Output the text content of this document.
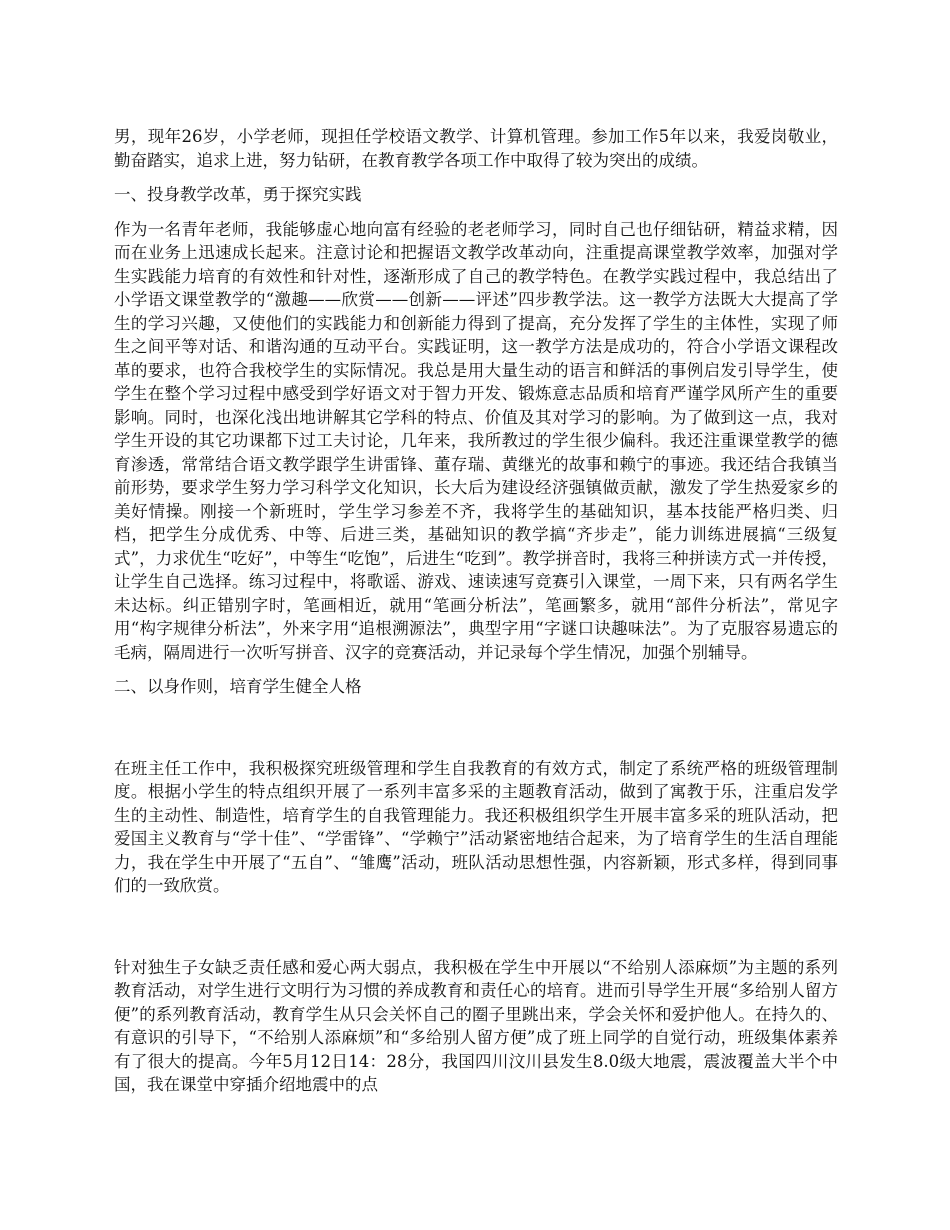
男，现年26岁，小学老师，现担任学校语文教学、计算机管理。参加工作5年以来，我爱岗敬业，勤奋踏实，追求上进，努力钻研，在教育教学各项工作中取得了较为突出的成绩。

一、投身教学改革，勇于探究实践

作为一名青年老师，我能够虚心地向富有经验的老老师学习，同时自己也仔细钻研，精益求精，因而在业务上迅速成长起来。注意讨论和把握语文教学改革动向，注重提高课堂教学效率，加强对学生实践能力培育的有效性和针对性，逐渐形成了自己的教学特色。在教学实践过程中，我总结出了小学语文课堂教学的“激趣——欣赏——创新——评述”四步教学法。这一教学方法既大大提高了学生的学习兴趣，又使他们的实践能力和创新能力得到了提高，充分发挥了学生的主体性，实现了师生之间平等对话、和谐沟通的互动平台。实践证明，这一教学方法是成功的，符合小学语文课程改革的要求，也符合我校学生的实际情况。我总是用大量生动的语言和鲜活的事例启发引导学生，使学生在整个学习过程中感受到学好语文对于智力开发、锻炼意志品质和培育严谨学风所产生的重要影响。同时，也深化浅出地讲解其它学科的特点、价值及其对学习的影响。为了做到这一点，我对学生开设的其它功课都下过工夫讨论，几年来，我所教过的学生很少偏科。我还注重课堂教学的德育渗透，常常结合语文教学跟学生讲雷锋、董存瑞、黄继光的故事和赖宁的事迹。我还结合我镇当前形势，要求学生努力学习科学文化知识，长大后为建设经济强镇做贡献，激发了学生热爱家乡的美好情操。刚接一个新班时，学生学习参差不齐，我将学生的基础知识，基本技能严格归类、归档，把学生分成优秀、中等、后进三类，基础知识的教学搞“齐步走”，能力训练进展搞“三级复式”，力求优生“吃好”，中等生“吃饱”，后进生“吃到”。教学拼音时，我将三种拼读方式一并传授，让学生自己选择。练习过程中，将歌谣、游戏、速读速写竞赛引入课堂，一周下来，只有两名学生未达标。纠正错别字时，笔画相近，就用“笔画分析法”，笔画繁多，就用“部件分析法”，常见字用“构字规律分析法”，外来字用“追根溯源法”，典型字用“字谜口诀趣味法”。为了克服容易遗忘的毛病，隔周进行一次听写拼音、汉字的竞赛活动，并记录每个学生情况，加强个别辅导。

二、以身作则，培育学生健全人格

在班主任工作中，我积极探究班级管理和学生自我教育的有效方式，制定了系统严格的班级管理制度。根据小学生的特点组织开展了一系列丰富多采的主题教育活动，做到了寓教于乐，注重启发学生的主动性、制造性，培育学生的自我管理能力。我还积极组织学生开展丰富多采的班队活动，把爱国主义教育与“学十佳”、“学雷锋”、“学赖宁”活动紧密地结合起来，为了培育学生的生活自理能力，我在学生中开展了“五自”、“雏鹰”活动，班队活动思想性强，内容新颖，形式多样，得到同事们的一致欣赏。

针对独生子女缺乏责任感和爱心两大弱点，我积极在学生中开展以“不给别人添麻烦”为主题的系列教育活动，对学生进行文明行为习惯的养成教育和责任心的培育。进而引导学生开展“多给别人留方便”的系列教育活动，教育学生从只会关怀自己的圈子里跳出来，学会关怀和爱护他人。在持久的、有意识的引导下，“不给别人添麻烦”和“多给别人留方便”成了班上同学的自觉行动，班级集体素养有了很大的提高。今年5月12日14：28分，我国四川汶川县发生8.0级大地震，震波覆盖大半个中国，我在课堂中穿插介绍地震中的点
